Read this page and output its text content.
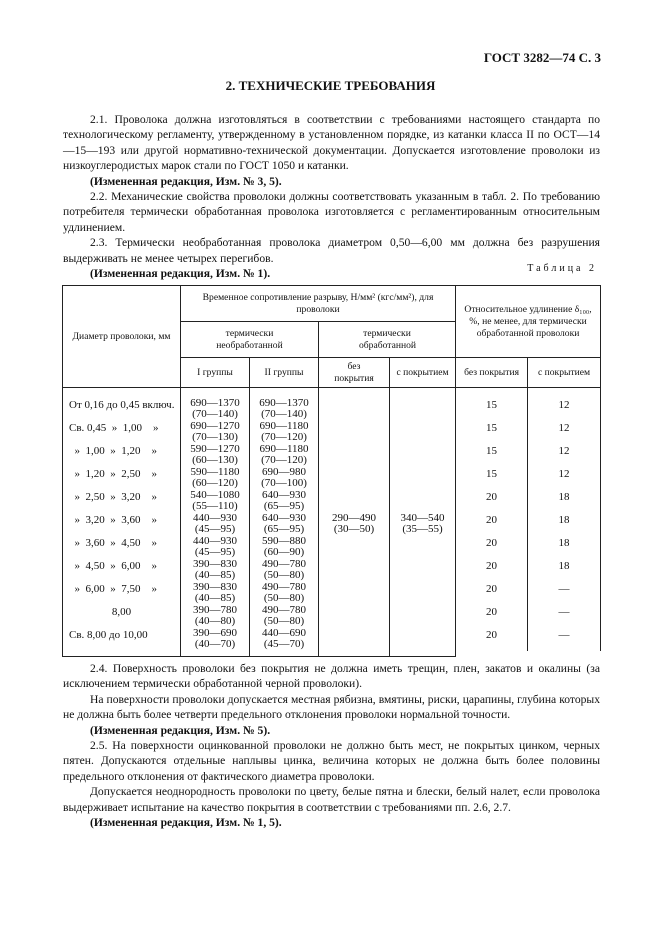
ГОСТ 3282—74 С. 3
2. ТЕХНИЧЕСКИЕ ТРЕБОВАНИЯ

2.1. Проволока должна изготовляться в соответствии с требованиями настоящего стандарта по технологическому регламенту, утвержденному в установленном порядке, из катанки класса II по ОСТ—14—15—193 или другой нормативно-технической документации. Допускается изготовление проволоки из низкоуглеродистых марок стали по ГОСТ 1050 и катанки.

(Измененная редакция, Изм. № 3, 5).

2.2. Механические свойства проволоки должны соответствовать указанным в табл. 2. По требованию потребителя термически обработанная проволока изготовляется с регламентированным относительным удлинением.

2.3. Термически необработанная проволока диаметром 0,50—6,00 мм должна без разрушения выдерживать не менее четырех перегибов.

(Измененная редакция, Изм. № 1).	Таблица 2
Диаметр проволоки, мм	Временное сопротивление разрыву, Н/мм² (кгс/мм²), для проволоки				Относительное удлинение δ₁₀₀, %, не менее, для термически обработанной проволоки	
	термически необработанной		термически обработанной			
	I группы	II группы	без покрытия	с покрытием	без покрытия	с покрытием

От 0,16 до 0,45 включ.	690—1370
(70—140)	690—1370
(70—140)	290—490
(30—50)	340—540
(35—55)	15	12

Св. 0,45  »  1,00    »	690—1270
(70—130)	690—1180
(70—120)			15	12

»  1,00  »  1,20    »	590—1270
(60—130)	690—1180
(70—120)			15	12

»  1,20  »  2,50    »	590—1180
(60—120)	690—980
(70—100)			15	12

»  2,50  »  3,20    »	540—1080
(55—110)	640—930
(65—95)			20	18

»  3,20  »  3,60    »	440—930
(45—95)	640—930
(65—95)			20	18

»  3,60  »  4,50    »	440—930
(45—95)	590—880
(60—90)			20	18

»  4,50  »  6,00    »	390—830
(40—85)	490—780
(50—80)			20	18

»  6,00  »  7,50    »	390—830
(40—85)	490—780
(50—80)			20	—

8,00	390—780
(40—80)	490—780
(50—80)			20	—

Св. 8,00 до 10,00	390—690
(40—70)	440—690
(45—70)			20	—

2.4. Поверхность проволоки без покрытия не должна иметь трещин, плен, закатов и окалины (за исключением термически обработанной черной проволоки).

На поверхности проволоки допускается местная рябизна, вмятины, риски, царапины, глубина которых не должна быть более четверти предельного отклонения проволоки нормальной точности.

(Измененная редакция, Изм. № 5).

2.5. На поверхности оцинкованной проволоки не должно быть мест, не покрытых цинком, черных пятен. Допускаются отдельные наплывы цинка, величина которых не должна быть более половины предельного отклонения от фактического диаметра проволоки.

Допускается неоднородность проволоки по цвету, белые пятна и блески, белый налет, если проволока выдерживает испытание на качество покрытия в соответствии с требованиями пп. 2.6, 2.7.

(Измененная редакция, Изм. № 1, 5).
